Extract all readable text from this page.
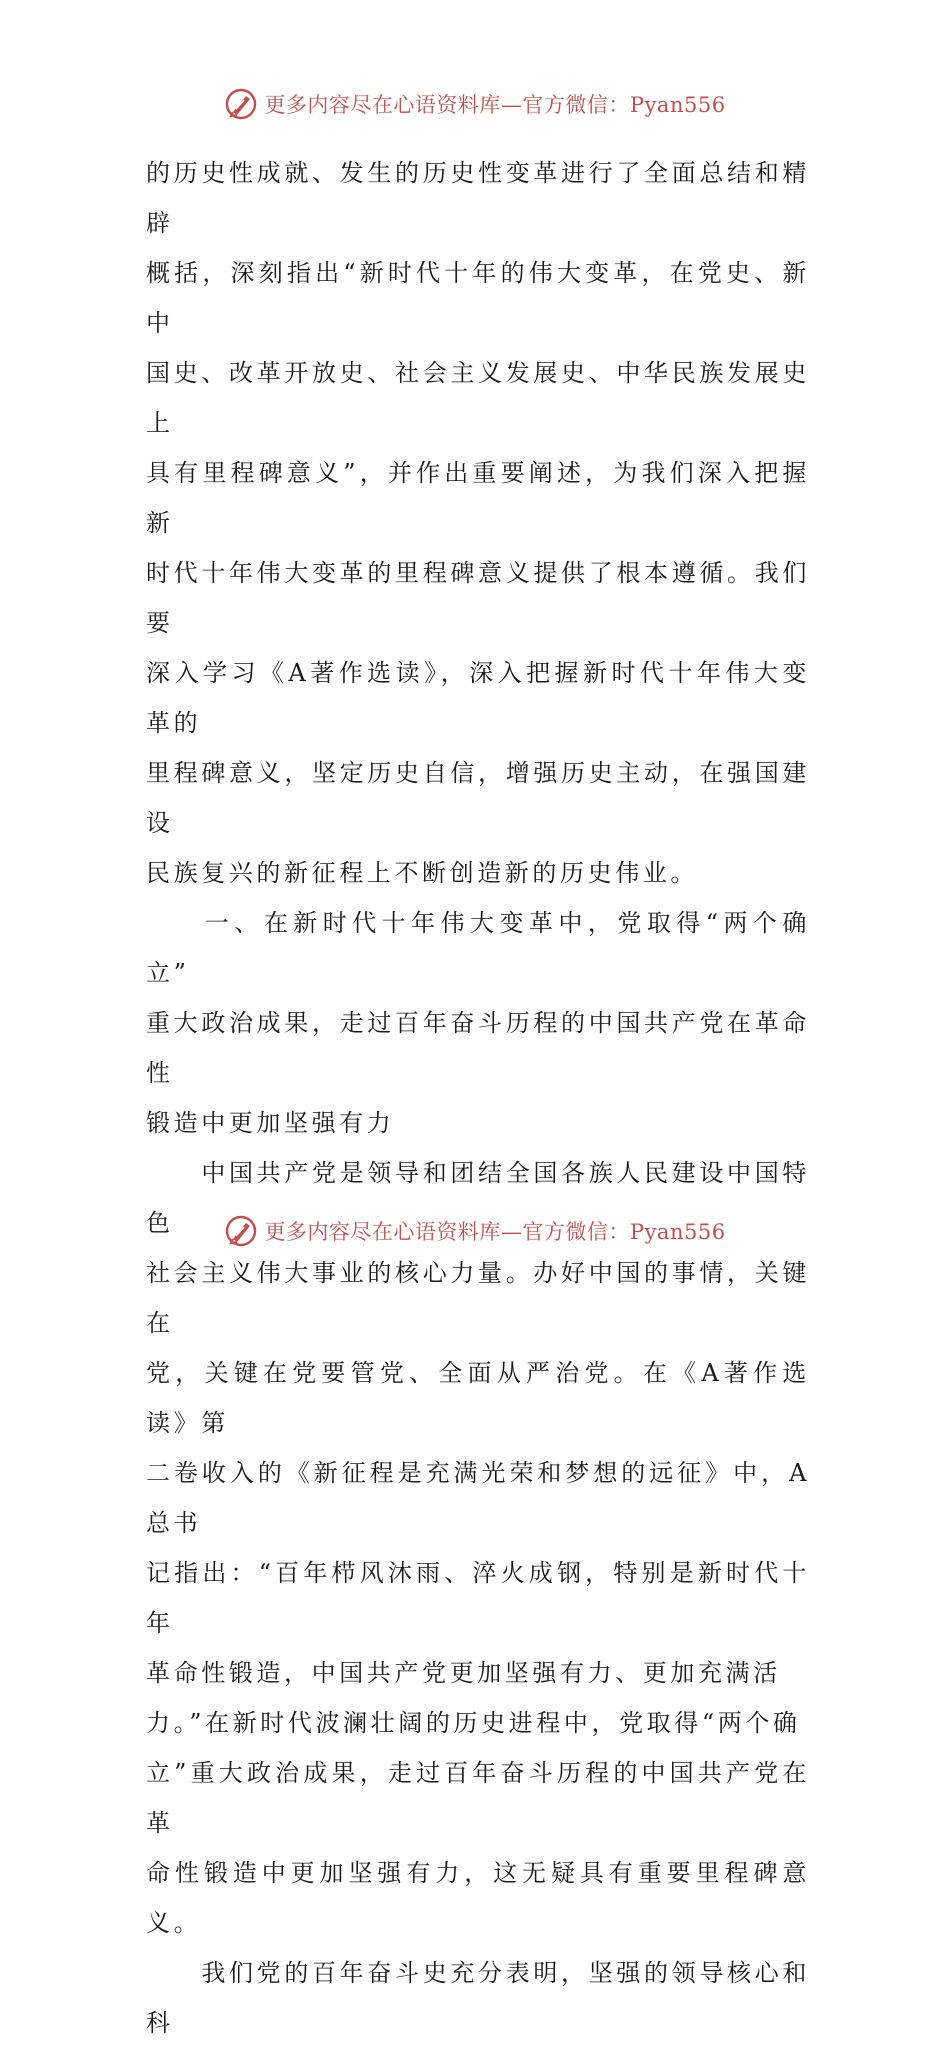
更多内容尽在心语资料库—官方微信：Pyan556

的历史性成就、发生的历史性变革进行了全面总结和精辟

概括，深刻指出“新时代十年的伟大变革，在党史、新中

国史、改革开放史、社会主义发展史、中华民族发展史上

具有里程碑意义”，并作出重要阐述，为我们深入把握新

时代十年伟大变革的里程碑意义提供了根本遵循。我们要

深入学习《A著作选读》，深入把握新时代十年伟大变革的

里程碑意义，坚定历史自信，增强历史主动，在强国建设

民族复兴的新征程上不断创造新的历史伟业。

　　一、在新时代十年伟大变革中，党取得“两个确立”

重大政治成果，走过百年奋斗历程的中国共产党在革命性

锻造中更加坚强有力

　　中国共产党是领导和团结全国各族人民建设中国特色

社会主义伟大事业的核心力量。办好中国的事情，关键在

党，关键在党要管党、全面从严治党。在《A著作选读》第

二卷收入的《新征程是充满光荣和梦想的远征》中，A总书

记指出：“百年栉风沐雨、淬火成钢，特别是新时代十年

革命性锻造，中国共产党更加坚强有力、更加充满活

力。”在新时代波澜壮阔的历史进程中，党取得“两个确

立”重大政治成果，走过百年奋斗历程的中国共产党在革

命性锻造中更加坚强有力，这无疑具有重要里程碑意义。

　　我们党的百年奋斗史充分表明，坚强的领导核心和科

更多内容尽在心语资料库—官方微信：Pyan556
